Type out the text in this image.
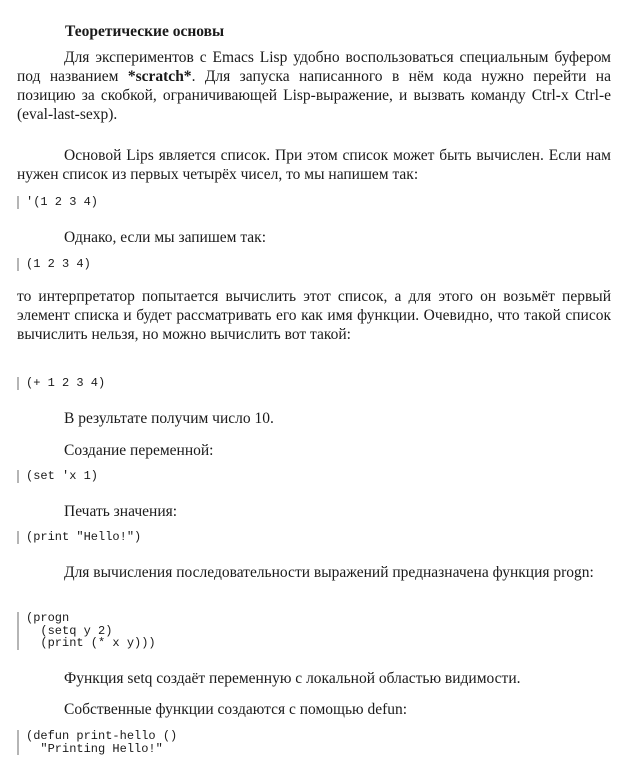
Теоретические основы

Для экспериментов с Emacs Lisp удобно воспользоваться специальным буфером под названием *scratch*. Для запуска написанного в нём кода нужно перейти на позицию за скобкой, ограничивающей Lisp-выражение, и вызвать команду Ctrl-x Ctrl-e (eval-last-sexp).

Основой Lips является список. При этом список может быть вычислен. Если нам нужен список из первых четырёх чисел, то мы напишем так:

'(1 2 3 4)

Однако, если мы запишем так:

(1 2 3 4)

то интерпретатор попытается вычислить этот список, а для этого он возьмёт первый элемент списка и будет рассматривать его как имя функции. Очевидно, что такой список вычислить нельзя, но можно вычислить вот такой:

(+ 1 2 3 4)

В результате получим число 10.

Создание переменной:

(set 'x 1)

Печать значения:

(print "Hello!")

Для вычисления последовательности выражений предназначена функция progn:

(progn
(setq y 2)
(print (* x y)))

Функция setq создаёт переменную с локальной областью видимости.

Собственные функции создаются с помощью defun:

(defun print-hello ()
"Printing Hello!"
